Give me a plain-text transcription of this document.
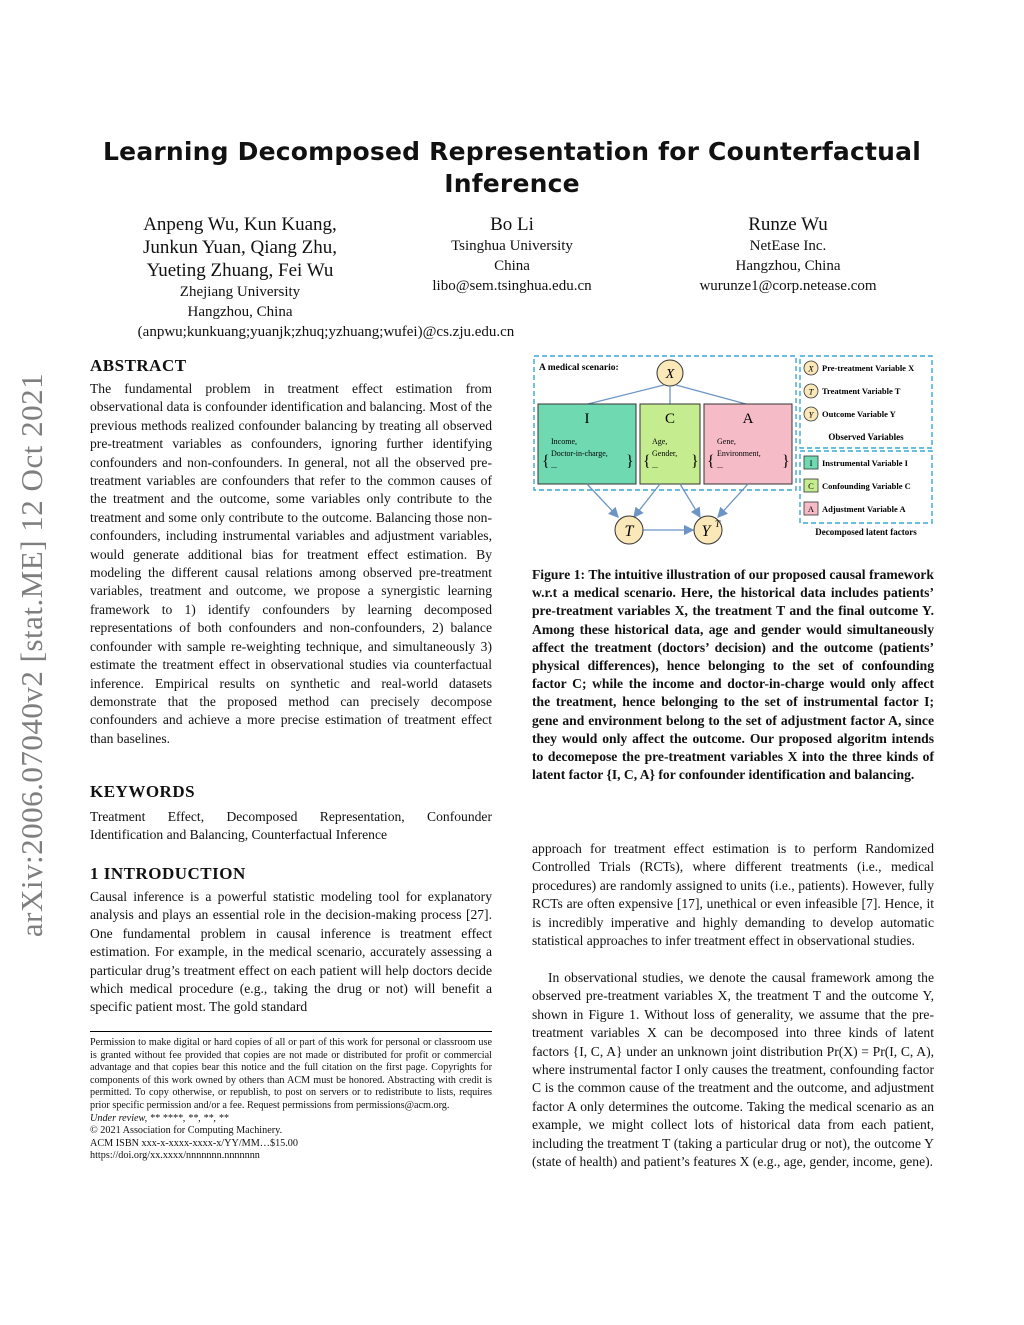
Learning Decomposed Representation for Counterfactual Inference
Anpeng Wu, Kun Kuang,
Junkun Yuan, Qiang Zhu,
Yueting Zhuang, Fei Wu
Zhejiang University
Hangzhou, China
(anpwu;kunkuang;yuanjk;zhuq;yzhuang;wufei)@cs.zju.edu.cn
Bo Li
Tsinghua University
China
libo@sem.tsinghua.edu.cn
Runze Wu
NetEase Inc.
Hangzhou, China
wurunze1@corp.netease.com
arXiv:2006.07040v2 [stat.ME] 12 Oct 2021
ABSTRACT
The fundamental problem in treatment effect estimation from observational data is confounder identification and balancing. Most of the previous methods realized confounder balancing by treating all observed pre-treatment variables as confounders, ignoring further identifying confounders and non-confounders. In general, not all the observed pre-treatment variables are confounders that refer to the common causes of the treatment and the outcome, some variables only contribute to the treatment and some only contribute to the outcome. Balancing those non-confounders, including instrumental variables and adjustment variables, would generate additional bias for treatment effect estimation. By modeling the different causal relations among observed pre-treatment variables, treatment and outcome, we propose a synergistic learning framework to 1) identify confounders by learning decomposed representations of both confounders and non-confounders, 2) balance confounder with sample re-weighting technique, and simultaneously 3) estimate the treatment effect in observational studies via counterfactual inference. Empirical results on synthetic and real-world datasets demonstrate that the proposed method can precisely decompose confounders and achieve a more precise estimation of treatment effect than baselines.
KEYWORDS
Treatment Effect, Decomposed Representation, Confounder Identification and Balancing, Counterfactual Inference
1 INTRODUCTION
Causal inference is a powerful statistic modeling tool for explanatory analysis and plays an essential role in the decision-making process [27]. One fundamental problem in causal inference is treatment effect estimation. For example, in the medical scenario, accurately assessing a particular drug’s treatment effect on each patient will help doctors decide which medical procedure (e.g., taking the drug or not) will benefit a specific patient most. The gold standard
Permission to make digital or hard copies of all or part of this work for personal or classroom use is granted without fee provided that copies are not made or distributed for profit or commercial advantage and that copies bear this notice and the full citation on the first page. Copyrights for components of this work owned by others than ACM must be honored. Abstracting with credit is permitted. To copy otherwise, or republish, to post on servers or to redistribute to lists, requires prior specific permission and/or a fee. Request permissions from permissions@acm.org.
Under review, ** ****, **, **, **
© 2021 Association for Computing Machinery.
ACM ISBN xxx-x-xxxx-xxxx-x/YY/MM…$15.00
https://doi.org/xx.xxxx/nnnnnnn.nnnnnnn
A medical scenario:	X
I
{	}
Income,
Doctor-in-charge,
...
C
{	}
Age,
Gender,
...
A
{	}
Gene,
Environment,
...
T	Y T
X Pre-treatment Variable X
T Treatment Variable T
Y Outcome Variable Y
Observed Variables
I Instrumental Variable I
C Confounding Variable C
A Adjustment Variable A
Decomposed latent factors
Figure 1: The intuitive illustration of our proposed causal framework w.r.t a medical scenario. Here, the historical data includes patients’ pre-treatment variables X, the treatment T and the final outcome Y. Among these historical data, age and gender would simultaneously affect the treatment (doctors’ decision) and the outcome (patients’ physical differences), hence belonging to the set of confounding factor C; while the income and doctor-in-charge would only affect the treatment, hence belonging to the set of instrumental factor I; gene and environment belong to the set of adjustment factor A, since they would only affect the outcome. Our proposed algoritm intends to decomepose the pre-treatment variables X into the three kinds of latent factor {I, C, A} for confounder identification and balancing.
approach for treatment effect estimation is to perform Randomized Controlled Trials (RCTs), where different treatments (i.e., medical procedures) are randomly assigned to units (i.e., patients). However, fully RCTs are often expensive [17], unethical or even infeasible [7]. Hence, it is incredibly imperative and highly demanding to develop automatic statistical approaches to infer treatment effect in observational studies.
In observational studies, we denote the causal framework among the observed pre-treatment variables X, the treatment T and the outcome Y, shown in Figure 1. Without loss of generality, we assume that the pre-treatment variables X can be decomposed into three kinds of latent factors {I, C, A} under an unknown joint distribution Pr(X) = Pr(I, C, A), where instrumental factor I only causes the treatment, confounding factor C is the common cause of the treatment and the outcome, and adjustment factor A only determines the outcome. Taking the medical scenario as an example, we might collect lots of historical data from each patient, including the treatment T (taking a particular drug or not), the outcome Y (state of health) and patient’s features X (e.g., age, gender, income, gene).
